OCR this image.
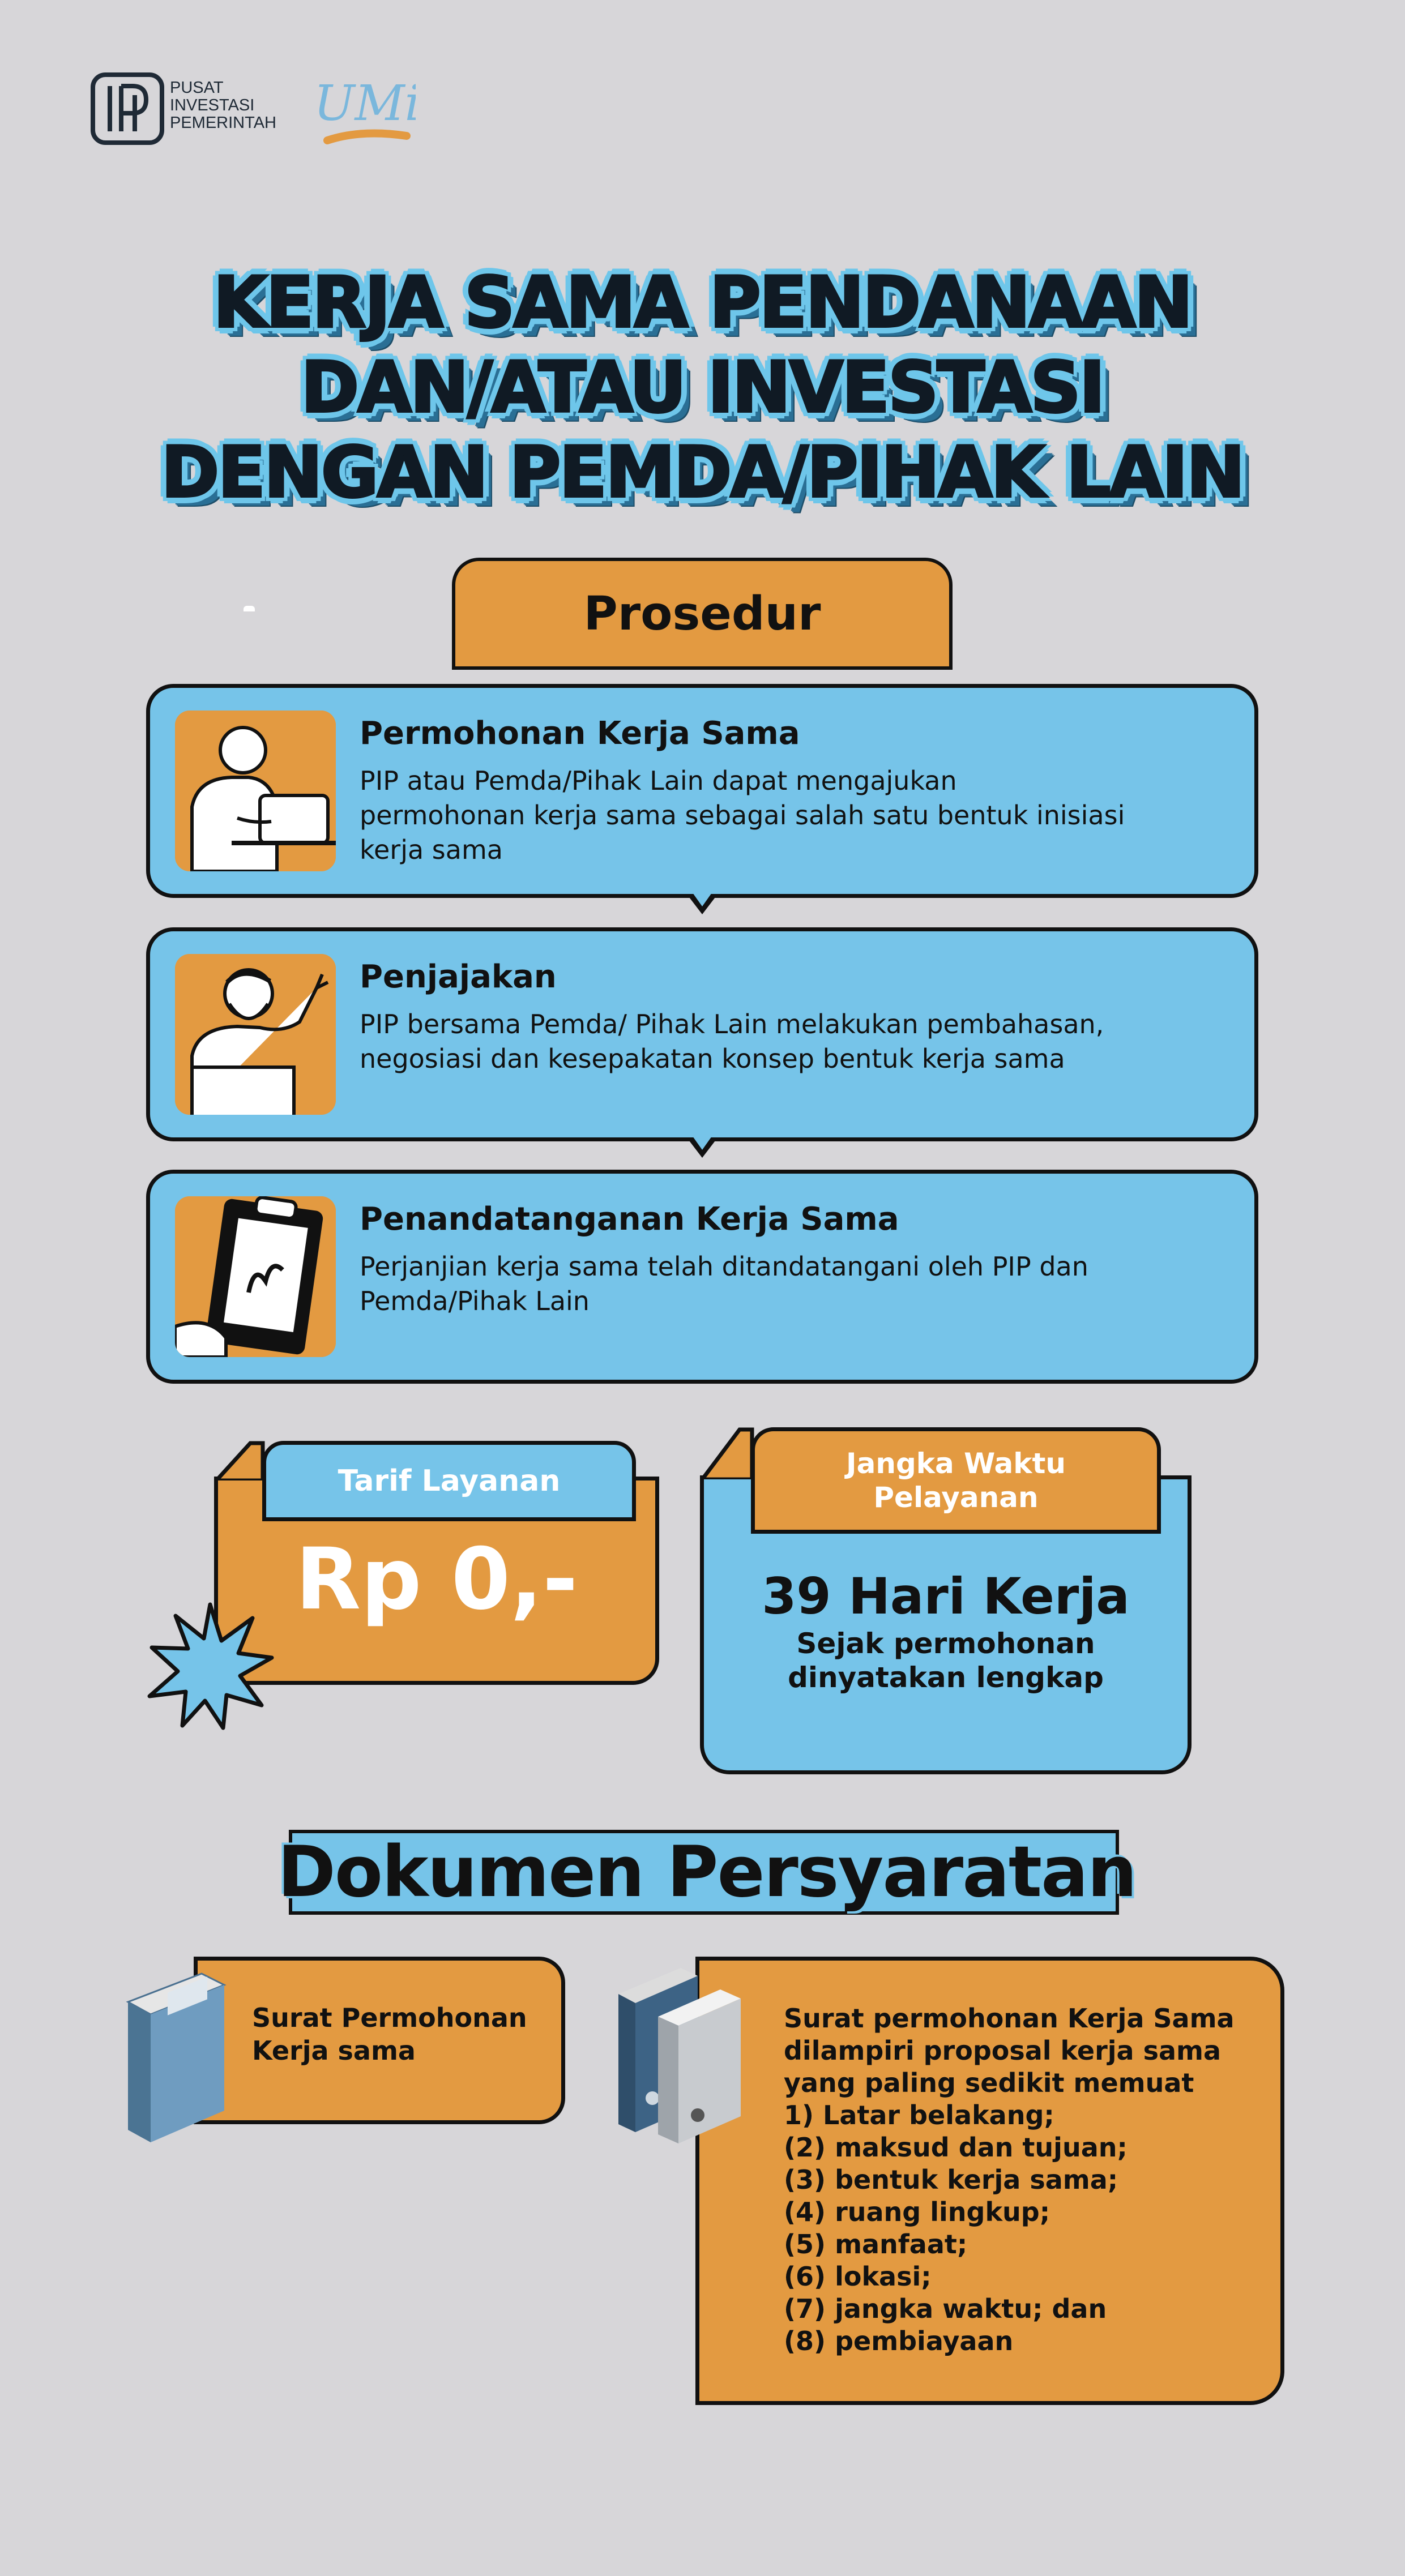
PUSAT
INVESTASI
PEMERINTAH UMi
KERJA SAMA PENDANAAN
DAN/ATAU INVESTASI
DENGAN PEMDA/PIHAK LAIN
Prosedur
Permohonan Kerja Sama

PIP atau Pemda/Pihak Lain dapat mengajukan
permohonan kerja sama sebagai salah satu bentuk inisiasi
kerja sama

Penjajakan

PIP bersama Pemda/ Pihak Lain melakukan pembahasan,
negosiasi dan kesepakatan konsep bentuk kerja sama

Penandatanganan Kerja Sama

Perjanjian kerja sama telah ditandatangani oleh PIP dan
Pemda/Pihak Lain

Tarif Layanan
Rp 0,-
Jangka Waktu
Pelayanan
39 Hari Kerja
Sejak permohonan
dinyatakan lengkap
Dokumen Persyaratan
Surat Permohonan
Kerja sama
Surat permohonan Kerja Sama
dilampiri proposal kerja sama
yang paling sedikit memuat
1) Latar belakang;
(2) maksud dan tujuan;
(3) bentuk kerja sama;
(4) ruang lingkup;
(5) manfaat;
(6) lokasi;
(7) jangka waktu; dan
(8) pembiayaan
